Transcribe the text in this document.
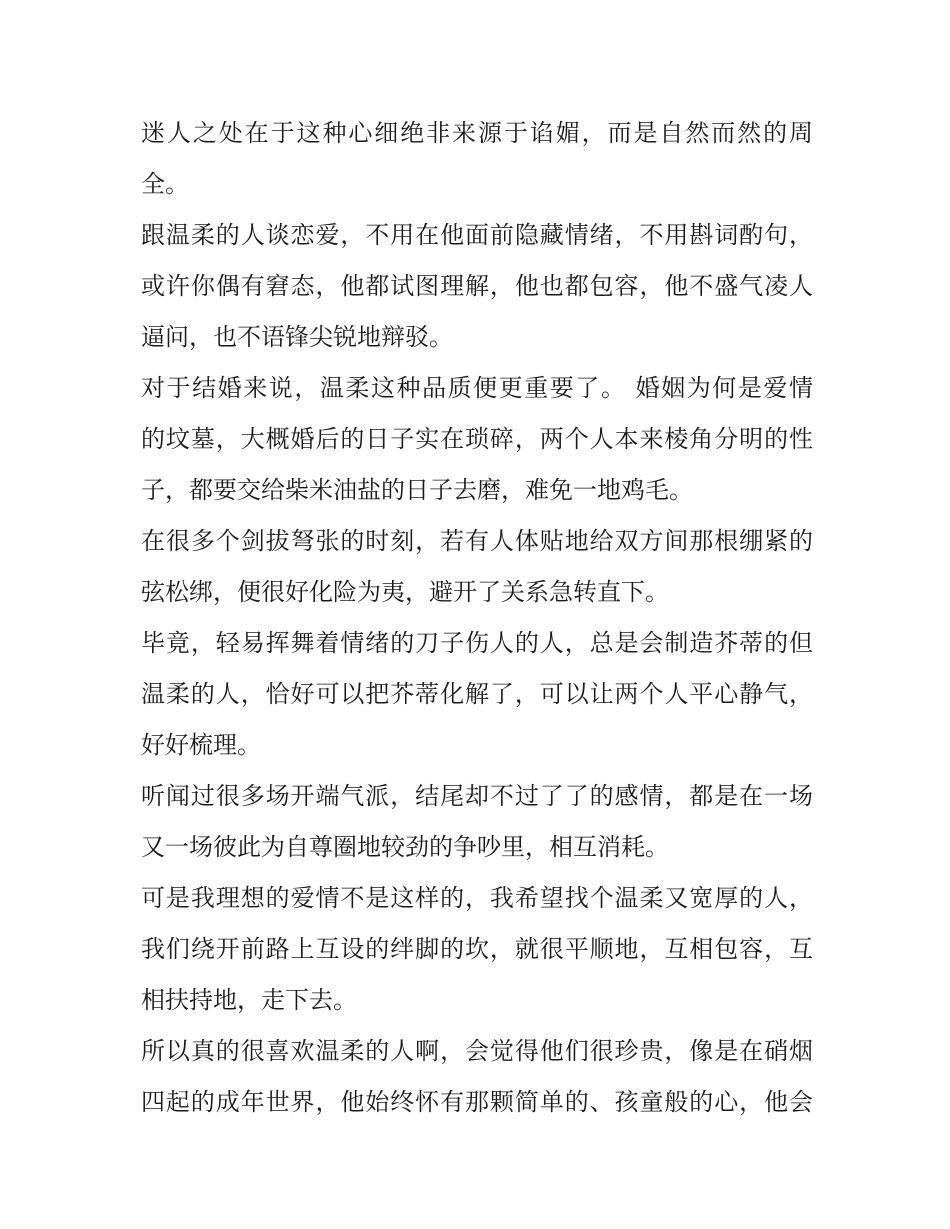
迷人之处在于这种心细绝非来源于谄媚，而是自然而然的周
全。

跟温柔的人谈恋爱，不用在他面前隐藏情绪，不用斟词酌句，
或许你偶有窘态，他都试图理解，他也都包容，他不盛气凌人
逼问，也不语锋尖锐地辩驳。

对于结婚来说，温柔这种品质便更重要了。 婚姻为何是爱情
的坟墓，大概婚后的日子实在琐碎，两个人本来棱角分明的性
子，都要交给柴米油盐的日子去磨，难免一地鸡毛。

在很多个剑拔弩张的时刻，若有人体贴地给双方间那根绷紧的
弦松绑，便很好化险为夷，避开了关系急转直下。

毕竟，轻易挥舞着情绪的刀子伤人的人，总是会制造芥蒂的但
温柔的人，恰好可以把芥蒂化解了，可以让两个人平心静气，
好好梳理。

听闻过很多场开端气派，结尾却不过了了的感情，都是在一场
又一场彼此为自尊圈地较劲的争吵里，相互消耗。

可是我理想的爱情不是这样的，我希望找个温柔又宽厚的人，
我们绕开前路上互设的绊脚的坎，就很平顺地，互相包容，互
相扶持地，走下去。

所以真的很喜欢温柔的人啊，会觉得他们很珍贵，像是在硝烟
四起的成年世界，他始终怀有那颗简单的、孩童般的心，他会
